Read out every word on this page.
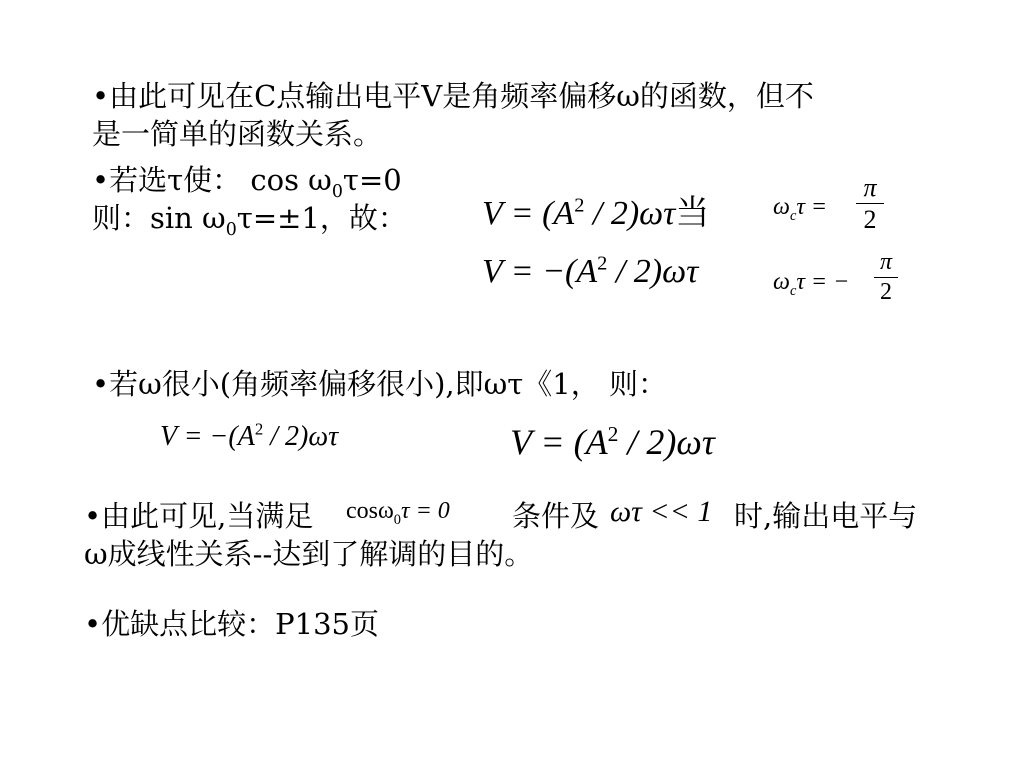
•由此可见在C点输出电平V是角频率偏移ω的函数，但不
是一简单的函数关系。
•若选τ使： $\cos \omega_0\tau=0$
则：$\sin \omega_0\tau=\pm 1$，故： $V = (A^2 / 2)\omega\tau$当
$V = -(A^2 / 2)\omega\tau$
$\omega_c\tau$ =
π
2
$\omega_c\tau$ = −
π
2
•若ω很小(角频率偏移很小),即ωτ《1， 则：
$V = -(A^2 / 2)\omega\tau$	$V = (A^2 / 2)\omega\tau$
•由此可见,当满足 cosω$_0$τ = 0 条件及 ωτ << 1 时,输出电平与
ω成线性关系--达到了解调的目的。
•优缺点比较：P135页
